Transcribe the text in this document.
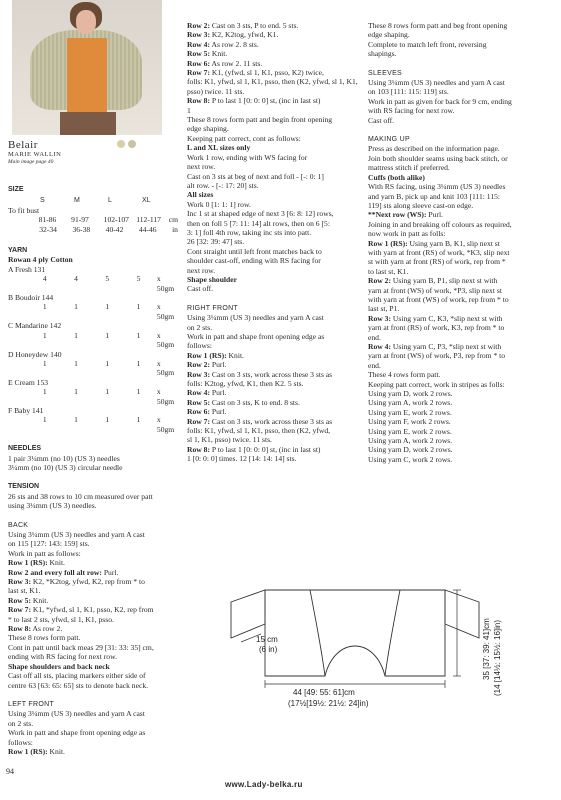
Belair
MARIE WALLIN
Main image page 40
SIZE
S	M	L	XL
To fit bust
81-86	91-97	102-107 112-117	cm
32-34	36-38	40-42	44-46	in
YARN
Rowan 4 ply Cotton
A Fresh 131
4	4	5	5	x 50gm
B Boudoir 144
1	1	1	1	x 50gm
C Mandarine 142
1	1	1	1	x 50gm
D Honeydew 140
1	1	1	1	x 50gm
E Cream 153
1	1	1	1	x 50gm
F Baby 141
1	1	1	1	x 50gm
NEEDLES
1 pair 3¼mm (no 10) (US 3) needles
3¼mm (no 10) (US 3) circular needle
TENSION
26 sts and 38 rows to 10 cm measured over patt
using 3¼mm (US 3) needles.
BACK
Using 3¼mm (US 3) needles and yarn A cast
on 115 [127: 143: 159] sts.
Work in patt as follows:
Row 1 (RS): Knit.
Row 2 and every foll alt row: Purl.
Row 3: K2, *K2tog, yfwd, K2, rep from * to
last st, K1.
Row 5: Knit.
Row 7: K1, *yfwd, sl 1, K1, psso, K2, rep from
* to last 2 sts, yfwd, sl 1, K1, psso.
Row 8: As row 2.
These 8 rows form patt.
Cont in patt until back meas 29 [31: 33: 35] cm,
ending with RS facing for next row.
Shape shoulders and back neck
Cast off all sts, placing markers either side of
centre 63 [63: 65: 65] sts to denote back neck.
LEFT FRONT
Using 3¼mm (US 3) needles and yarn A cast
on 2 sts.
Work in patt and shape front opening edge as
follows:
Row 1 (RS): Knit.
Row 2: Cast on 3 sts, P to end. 5 sts.
Row 3: K2, K2tog, yfwd, K1.
Row 4: As row 2. 8 sts.
Row 5: Knit.
Row 6: As row 2. 11 sts.
Row 7: K1, (yfwd, sl 1, K1, psso, K2) twice,
folls: K1, yfwd, sl 1, K1, psso, then (K2, yfwd, sl 1, K1, psso) twice. 11 sts.
Row 8: P to last 1 [0: 0: 0] st, (inc in last st)
1
These 8 rows form patt and begin front opening
edge shaping.
Keeping patt correct, cont as follows:
L and XL sizes only
Work 1 row, ending with WS facing for
next row.
Cast on 3 sts at beg of next and foll - [-: 0: 1]
alt row. - [-: 17: 20] sts.
All sizes
Work 0 [1: 1: 1] row.
Inc 1 st at shaped edge of next 3 [6: 8: 12] rows,
then on foll 5 [7: 11: 14] alt rows, then on 6 [5:
3: 1] foll 4th row, taking inc sts into patt.
26 [32: 39: 47] sts.
Cont straight until left front matches back to
shoulder cast-off, ending with RS facing for
next row.
Shape shoulder
Cast off.
RIGHT FRONT
Using 3¼mm (US 3) needles and yarn A cast
on 2 sts.
Work in patt and shape front opening edge as
follows:
Row 1 (RS): Knit.
Row 2: Purl.
Row 3: Cast on 3 sts, work across these 3 sts as
folls: K2tog, yfwd, K1, then K2. 5 sts.
Row 4: Purl.
Row 5: Cast on 3 sts, K to end. 8 sts.
Row 6: Purl.
Row 7: Cast on 3 sts, work across these 3 sts as
folls: K1, yfwd, sl 1, K1, psso, then (K2, yfwd,
sl 1, K1, psso) twice. 11 sts.
Row 8: P to last 1 [0: 0: 0] st, (inc in last st)
1 [0: 0: 0] times. 12 [14: 14: 14] sts.
These 8 rows form patt and beg front opening
edge shaping.
Complete to match left front, reversing
shapings.
SLEEVES
Using 3¼mm (US 3) needles and yarn A cast
on 103 [111: 115: 119] sts.
Work in patt as given for back for 9 cm, ending
with RS facing for next row.
Cast off.
MAKING UP
Press as described on the information page.
Join both shoulder seams using back stitch, or
mattress stitch if preferred.
Cuffs (both alike)
With RS facing, using 3¼mm (US 3) needles
and yarn B, pick up and knit 103 [111: 115:
119] sts along sleeve cast-on edge.
**Next row (WS): Purl.
Joining in and breaking off colours as required,
now work in patt as folls:
Row 1 (RS): Using yarn B, K1, slip next st
with yarn at front (RS) of work, *K3, slip next
st with yarn at front (RS) of work, rep from *
to last st, K1.
Row 2: Using yarn B, P1, slip next st with
yarn at front (WS) of work, *P3, slip next st
with yarn at front (WS) of work, rep from * to
last st, P1.
Row 3: Using yarn C, K3, *slip next st with
yarn at front (RS) of work, K3, rep from * to
end.
Row 4: Using yarn C, P3, *slip next st with
yarn at front (WS) of work, P3, rep from * to
end.
These 4 rows form patt.
Keeping patt correct, work in stripes as folls:
Using yarn D, work 2 rows.
Using yarn A, work 2 rows.
Using yarn E, work 2 rows.
Using yarn F, work 2 rows.
Using yarn E, work 2 rows.
Using yarn A, work 2 rows.
Using yarn D, work 2 rows.
Using yarn C, work 2 rows.
15 cm
(6 in)
44 [49: 55: 61]cm
(17½[19½: 21½: 24]in)
35 [37: 39: 41]cm (14 [14½: 15½: 16]in)
94
www.Lady-belka.ru
